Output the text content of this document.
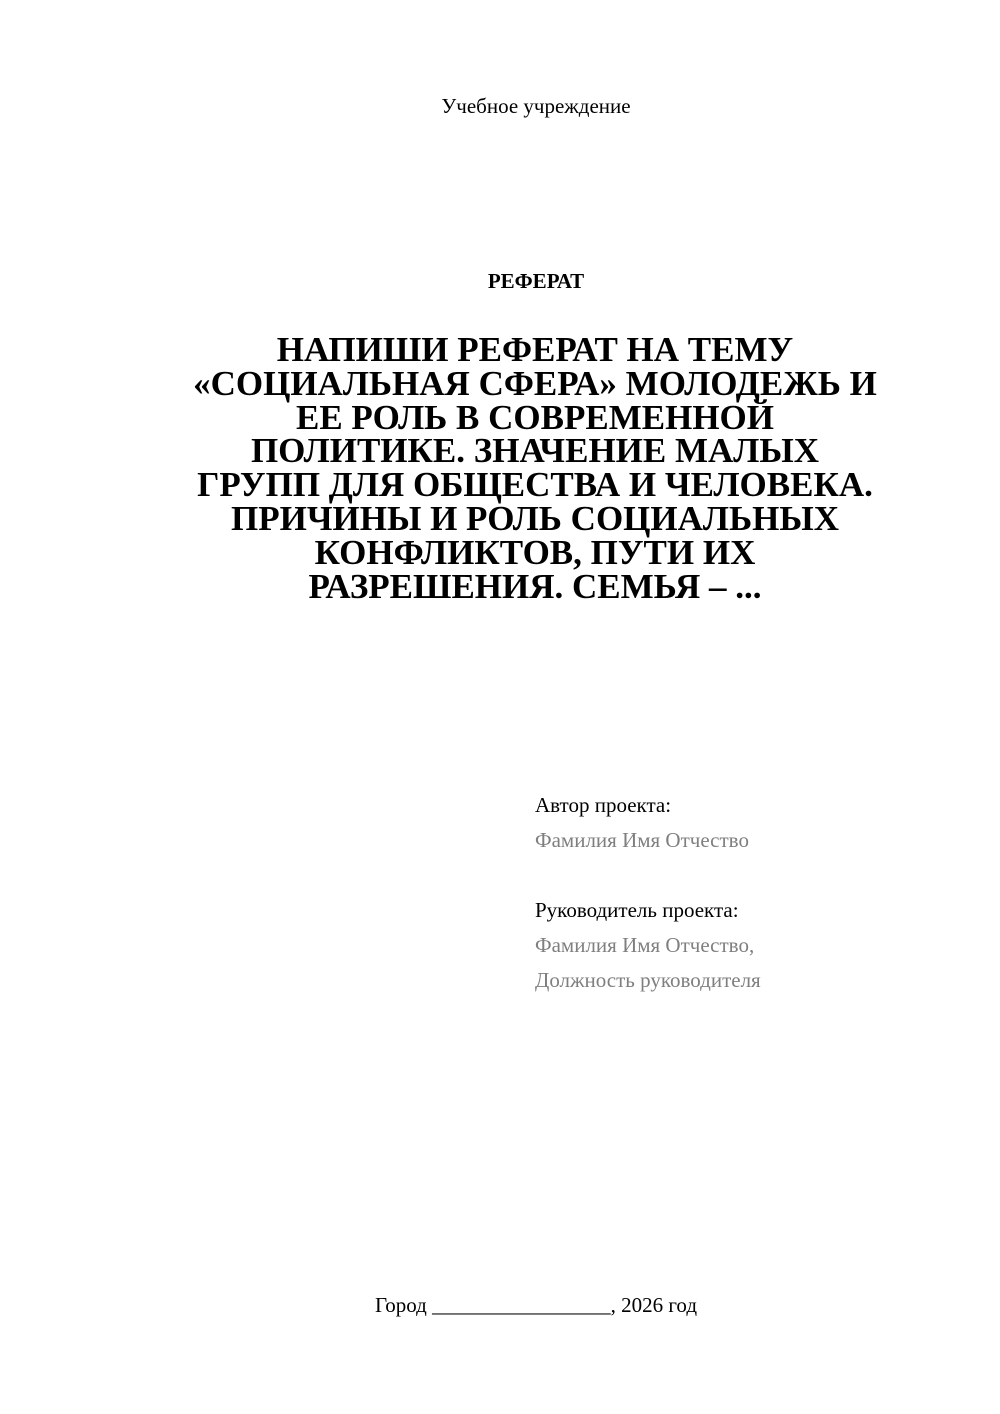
Учебное учреждение
РЕФЕРАТ
НАПИШИ РЕФЕРАТ НА ТЕМУ
«СОЦИАЛЬНАЯ СФЕРА» МОЛОДЕЖЬ И
ЕЕ РОЛЬ В СОВРЕМЕННОЙ
ПОЛИТИКЕ. ЗНАЧЕНИЕ МАЛЫХ
ГРУПП ДЛЯ ОБЩЕСТВА И ЧЕЛОВЕКА.
ПРИЧИНЫ И РОЛЬ СОЦИАЛЬНЫХ
КОНФЛИКТОВ, ПУТИ ИХ
РАЗРЕШЕНИЯ. СЕМЬЯ – ...
Автор проекта:
Фамилия Имя Отчество
Руководитель проекта:
Фамилия Имя Отчество,
Должность руководителя
Город _________________, 2026 год
